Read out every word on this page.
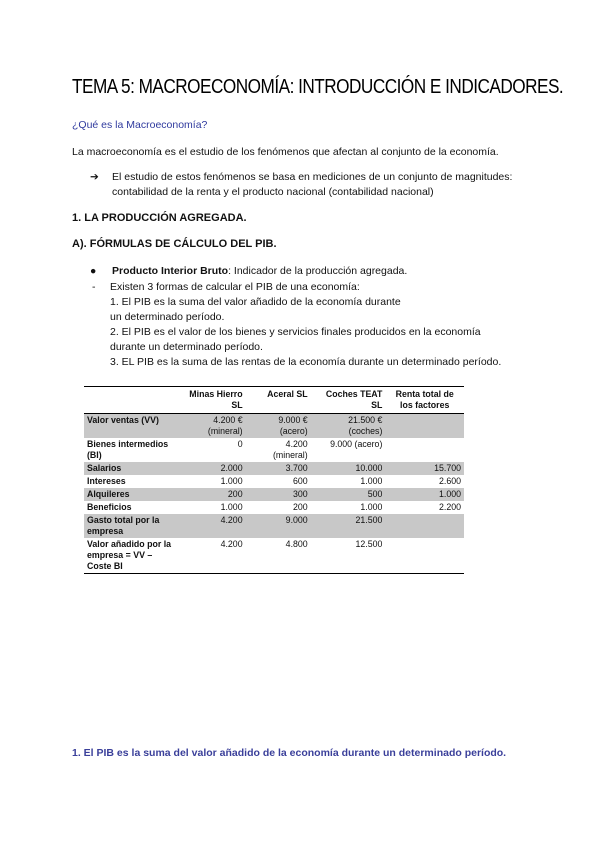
TEMA 5: MACROECONOMÍA: INTRODUCCIÓN E INDICADORES.
¿Qué es la Macroeconomía?
La macroeconomía es el estudio de los fenómenos que afectan al conjunto de la economía.
➔ El estudio de estos fenómenos se basa en mediciones de un conjunto de magnitudes: contabilidad de la renta y el producto nacional (contabilidad nacional)
1. LA PRODUCCIÓN AGREGADA.
A). FÓRMULAS DE CÁLCULO DEL PIB.
● Producto Interior Bruto: Indicador de la producción agregada.
- Existen 3 formas de calcular el PIB de una economía:
1. El PIB es la suma del valor añadido de la economía durante
un determinado período.
2. El PIB es el valor de los bienes y servicios finales producidos en la economía
durante un determinado período.
3. EL PIB es la suma de las rentas de la economía durante un determinado período.
	Minas Hierro SL	Aceral SL	Coches TEAT SL	Renta total de los factores
Valor ventas (VV)	4.200 € (mineral)	9.000 € (acero)	21.500 € (coches)	
Bienes intermedios (BI)	0	4.200 (mineral)	9.000 (acero)	
Salarios	2.000	3.700	10.000	15.700
Intereses	1.000	600	1.000	2.600
Alquileres	200	300	500	1.000
Beneficios	1.000	200	1.000	2.200
Gasto total por la empresa	4.200	9.000	21.500	
Valor añadido por la empresa = VV – Coste BI	4.200	4.800	12.500	
1. El PIB es la suma del valor añadido de la economía durante un determinado período.
